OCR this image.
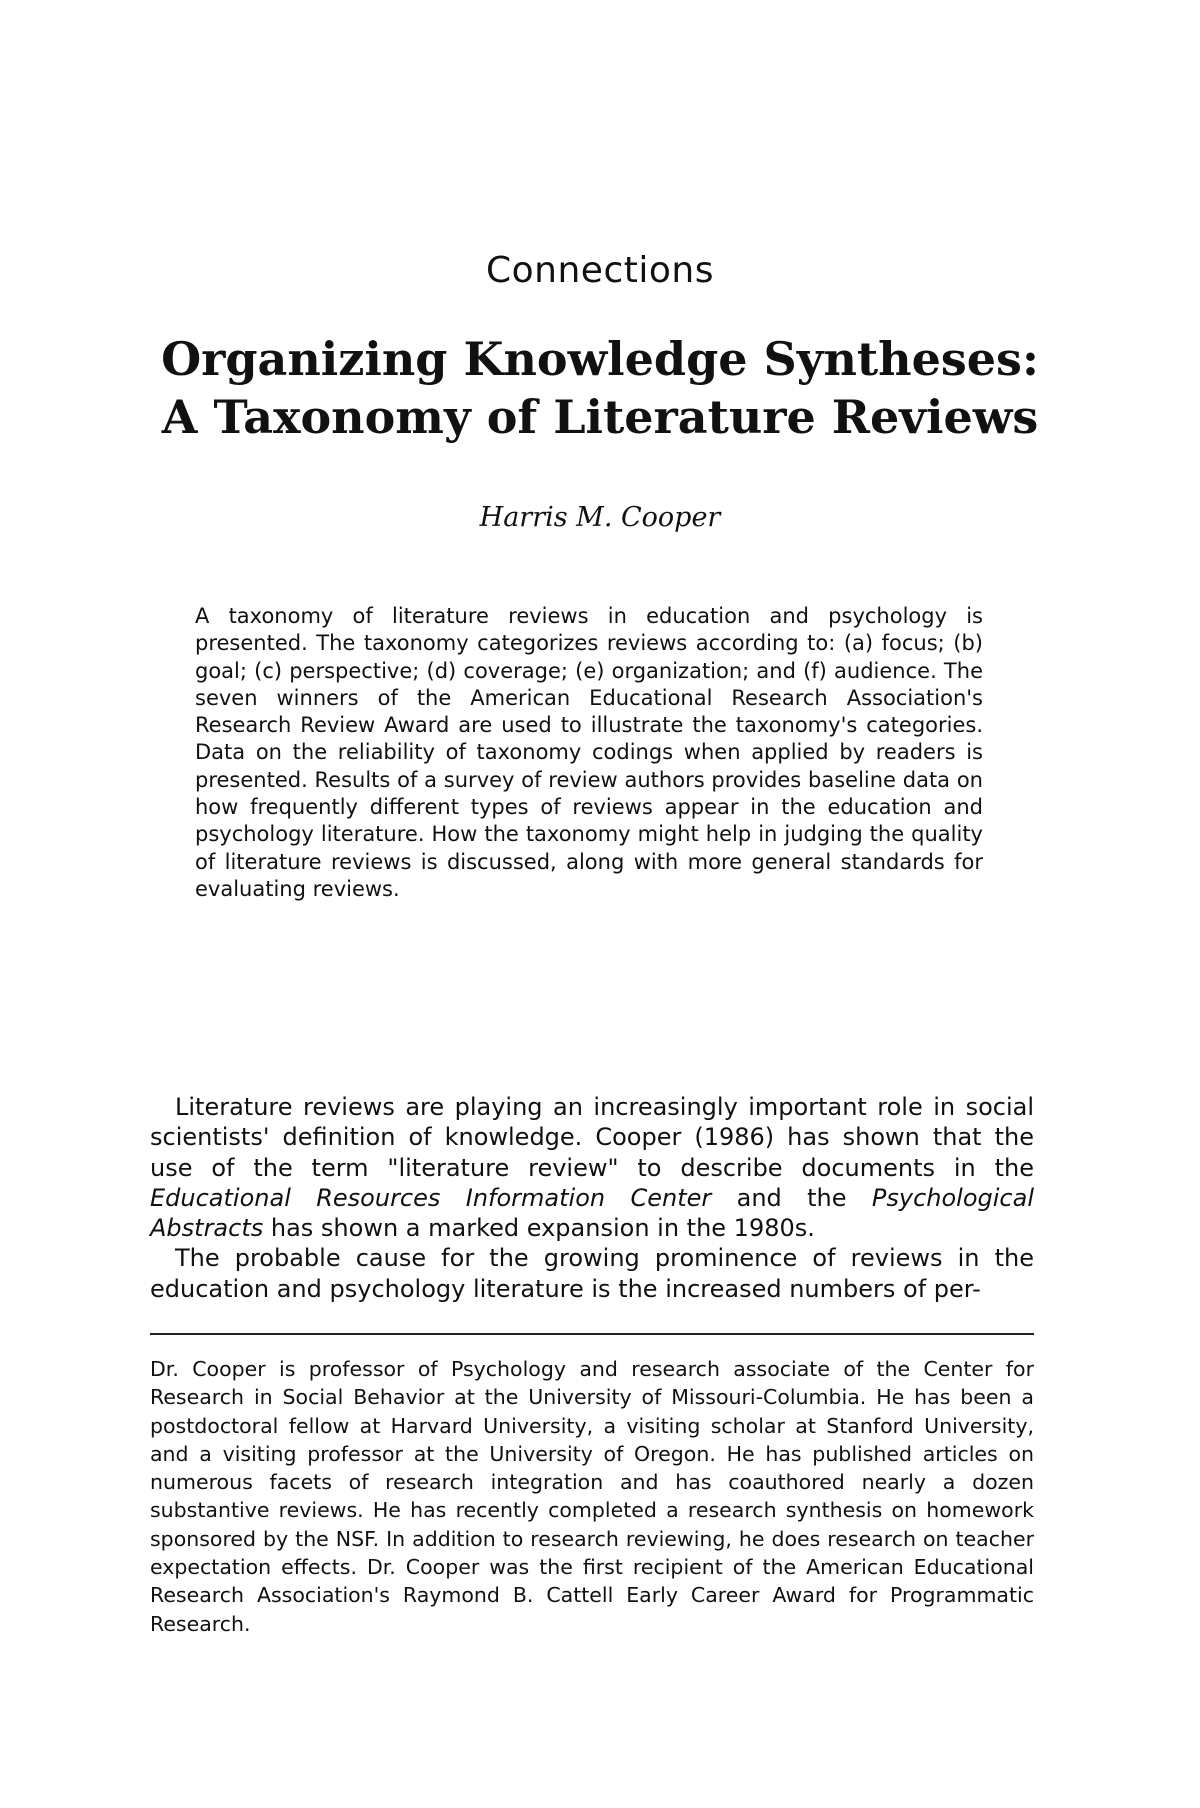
Connections
Organizing Knowledge Syntheses:
A Taxonomy of Literature Reviews
Harris M. Cooper

A taxonomy of literature reviews in education and psychology is presented. The taxonomy categorizes reviews according to: (a) focus; (b) goal; (c) perspective; (d) coverage; (e) organization; and (f) audience. The seven winners of the American Educational Research Association's Research Review Award are used to illustrate the taxonomy's categories. Data on the reliability of taxonomy codings when applied by readers is presented. Results of a survey of review authors provides baseline data on how frequently different types of reviews appear in the education and psychology literature. How the taxonomy might help in judging the quality of literature reviews is discussed, along with more general standards for evaluating reviews.

Literature reviews are playing an increasingly important role in social scientists' definition of knowledge. Cooper (1986) has shown that the use of the term "literature review" to describe documents in the Educational Resources Information Center and the Psychological Abstracts has shown a marked expansion in the 1980s.

The probable cause for the growing prominence of reviews in the education and psychology literature is the increased numbers of per-

Dr. Cooper is professor of Psychology and research associate of the Center for Research in Social Behavior at the University of Missouri-Columbia. He has been a postdoctoral fellow at Harvard University, a visiting scholar at Stanford University, and a visiting professor at the University of Oregon. He has published articles on numerous facets of research integration and has coauthored nearly a dozen substantive reviews. He has recently completed a research synthesis on homework sponsored by the NSF. In addition to research reviewing, he does research on teacher expectation effects. Dr. Cooper was the first recipient of the American Educational Research Association's Raymond B. Cattell Early Career Award for Programmatic Research.
